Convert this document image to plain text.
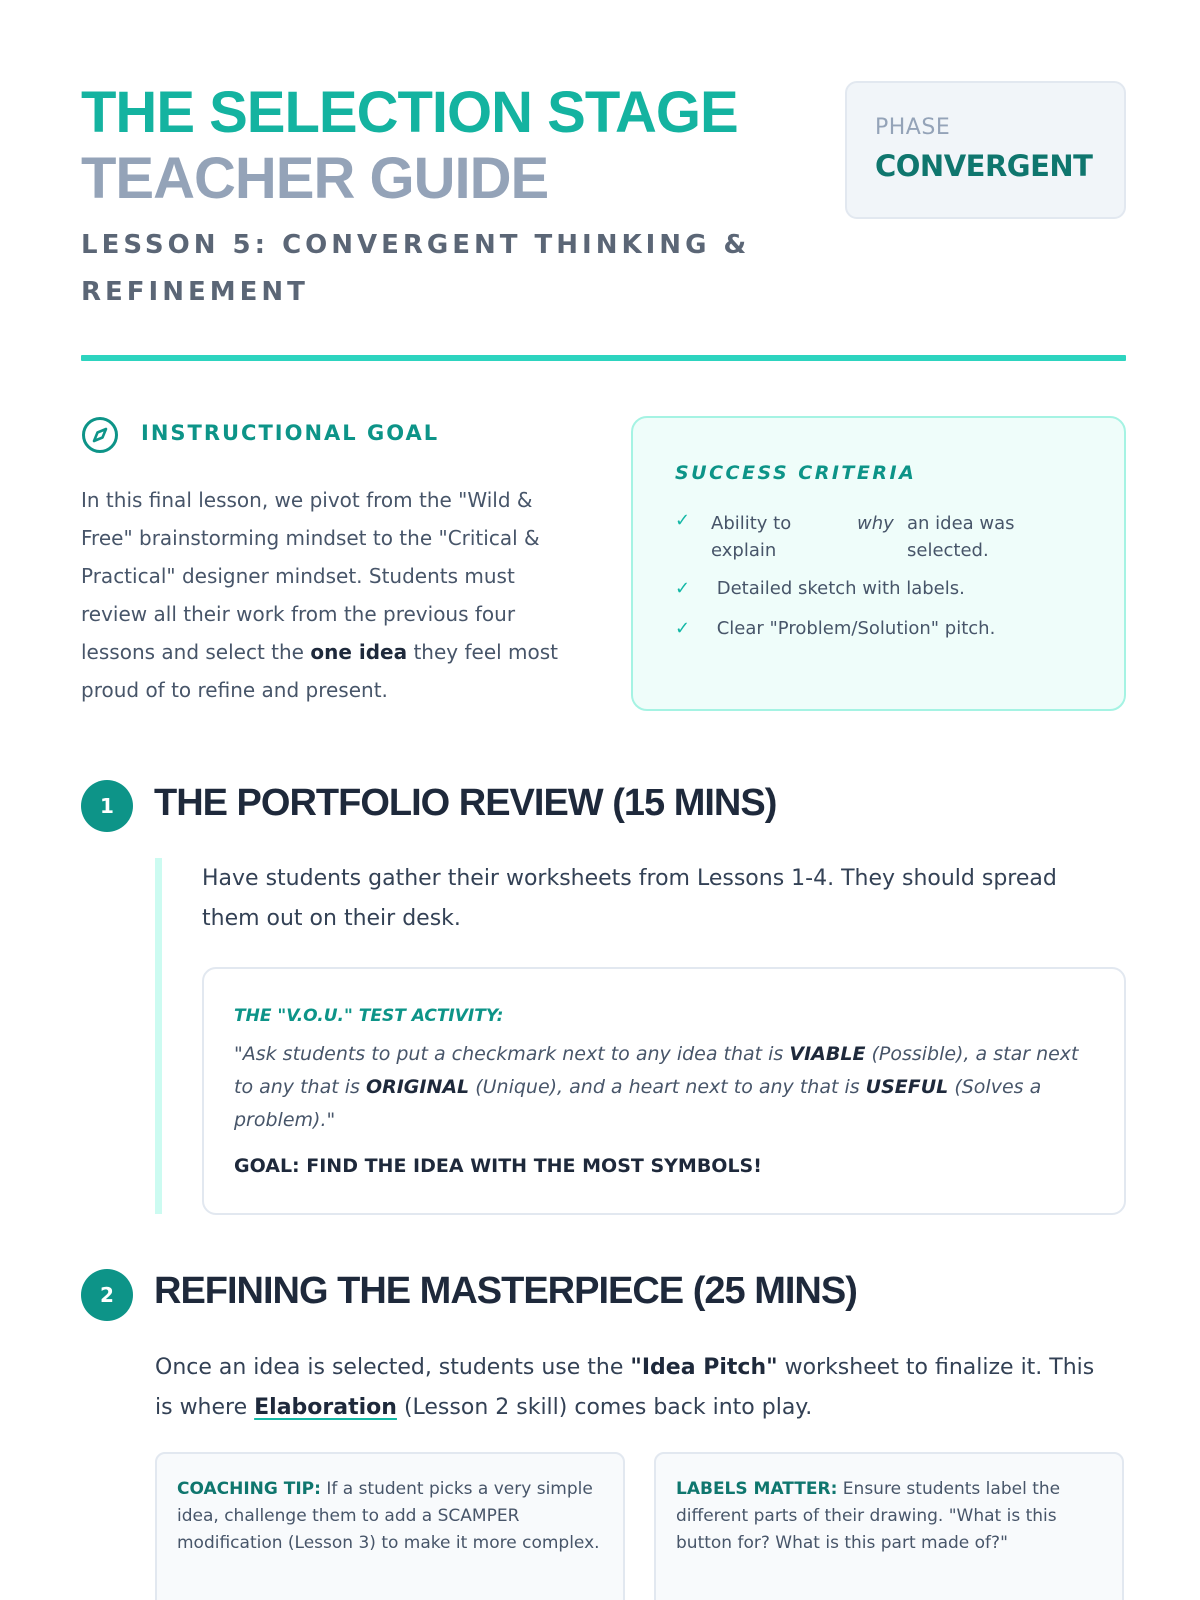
THE SELECTION STAGE
TEACHER GUIDE
LESSON 5: CONVERGENT THINKING & REFINEMENT
PHASE
CONVERGENT
INSTRUCTIONAL GOAL
In this final lesson, we pivot from the "Wild & Free" brainstorming mindset to the "Critical & Practical" designer mindset. Students must review all their work from the previous four lessons and select the one idea they feel most proud of to refine and present.
SUCCESS CRITERIA
✓	Ability to
explain
why an idea was
selected.
✓ Detailed sketch with labels.
✓ Clear "Problem/Solution" pitch.
1	THE PORTFOLIO REVIEW (15 MINS)
Have students gather their worksheets from Lessons 1-4. They should spread them out on their desk.
THE "V.O.U." TEST ACTIVITY:
"Ask students to put a checkmark next to any idea that is VIABLE (Possible), a star next to any that is ORIGINAL (Unique), and a heart next to any that is USEFUL (Solves a problem)."
GOAL: FIND THE IDEA WITH THE MOST SYMBOLS!
2	REFINING THE MASTERPIECE (25 MINS)
Once an idea is selected, students use the "Idea Pitch" worksheet to finalize it. This is where Elaboration (Lesson 2 skill) comes back into play.
COACHING TIP: If a student picks a very simple idea, challenge them to add a SCAMPER modification (Lesson 3) to make it more complex.
LABELS MATTER: Ensure students label the different parts of their drawing. "What is this button for? What is this part made of?"
